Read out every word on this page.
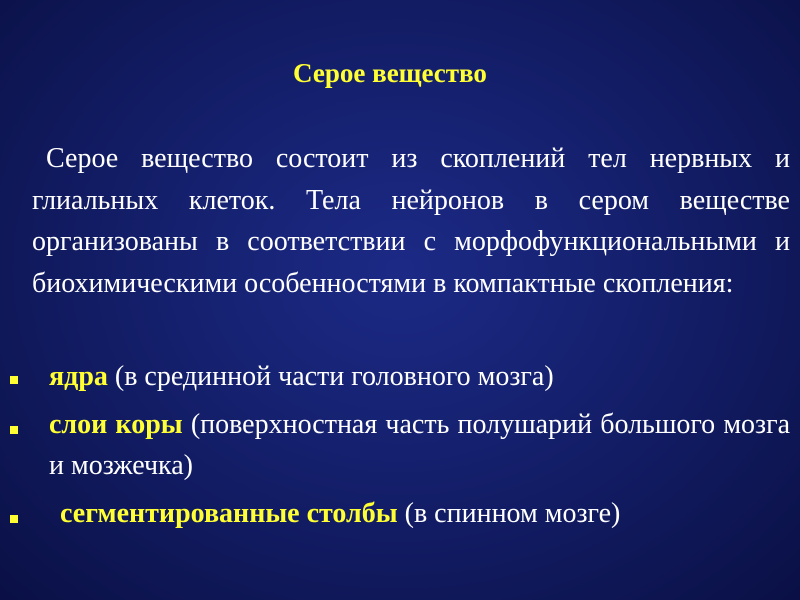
Серое вещество

Серое вещество состоит из скоплений тел нервных и глиальных клеток. Тела нейронов в сером веществе организованы в соответствии с морфофункциональными и биохимическими особенностями в компактные скопления:

ядра (в срединной части головного мозга)
слои коры (поверхностная часть полушарий большого мозга и мозжечка)
сегментированные столбы (в спинном мозге)
